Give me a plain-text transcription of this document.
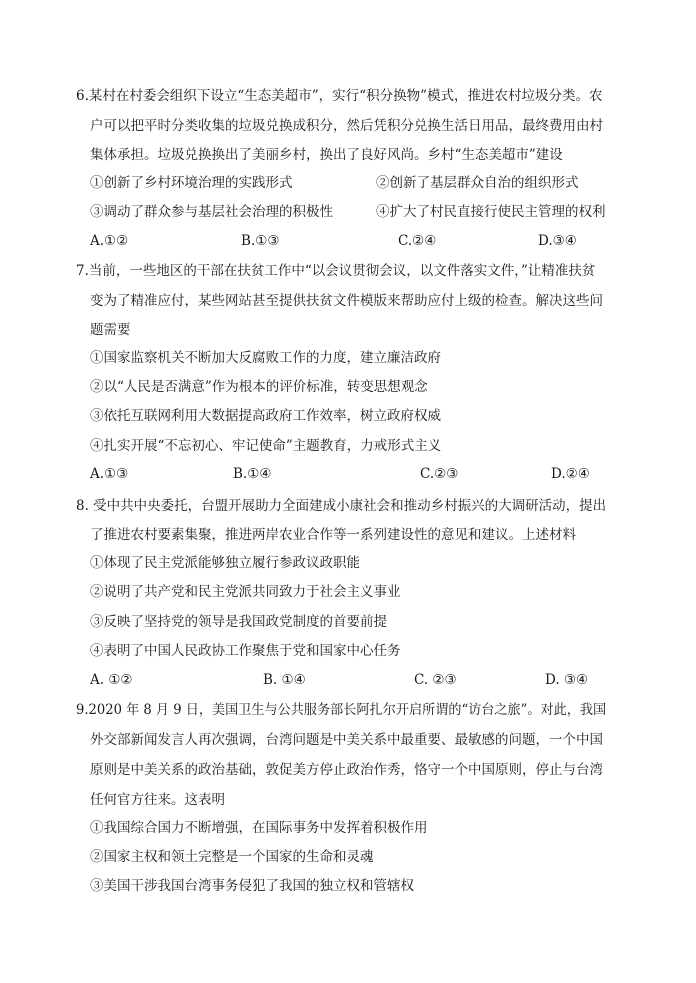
6.某村在村委会组织下设立“生态美超市”，实行“积分换物”模式，推进农村垃圾分类。农
户可以把平时分类收集的垃圾兑换成积分，然后凭积分兑换生活日用品，最终费用由村
集体承担。垃圾兑换换出了美丽乡村，换出了良好风尚。乡村“生态美超市”建设
①创新了乡村环境治理的实践形式	②创新了基层群众自治的组织形式
③调动了群众参与基层社会治理的积极性	④扩大了村民直接行使民主管理的权利
A.①②	B.①③	C.②④	D.③④
7.当前，一些地区的干部在扶贫工作中“以会议贯彻会议，以文件落实文件，”让精准扶贫
变为了精准应付，某些网站甚至提供扶贫文件模版来帮助应付上级的检查。解决这些问
题需要
①国家监察机关不断加大反腐败工作的力度，建立廉洁政府
②以“人民是否满意”作为根本的评价标准，转变思想观念
③依托互联网利用大数据提高政府工作效率，树立政府权威
④扎实开展“不忘初心、牢记使命”主题教育，力戒形式主义
A.①③	B.①④	C.②③	D.②④
8. 受中共中央委托，台盟开展助力全面建成小康社会和推动乡村振兴的大调研活动，提出
了推进农村要素集聚，推进两岸农业合作等一系列建设性的意见和建议。上述材料
①体现了民主党派能够独立履行参政议政职能
②说明了共产党和民主党派共同致力于社会主义事业
③反映了坚持党的领导是我国政党制度的首要前提
④表明了中国人民政协工作聚焦于党和国家中心任务
A. ①②	B. ①④	C. ②③	D. ③④
9.2020 年 8 月 9 日，美国卫生与公共服务部长阿扎尔开启所谓的“访台之旅”。对此，我国
外交部新闻发言人再次强调，台湾问题是中美关系中最重要、最敏感的问题，一个中国
原则是中美关系的政治基础，敦促美方停止政治作秀，恪守一个中国原则，停止与台湾
任何官方往来。这表明
①我国综合国力不断增强，在国际事务中发挥着积极作用
②国家主权和领土完整是一个国家的生命和灵魂
③美国干涉我国台湾事务侵犯了我国的独立权和管辖权
